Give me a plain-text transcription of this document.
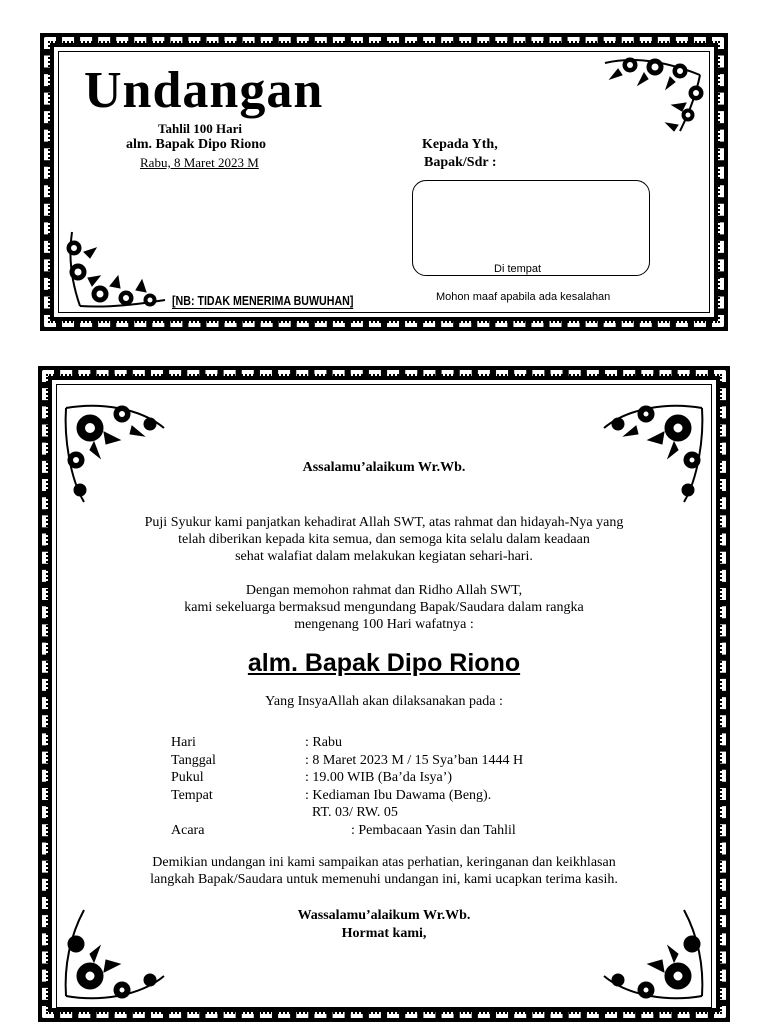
Undangan
Tahlil 100 Hari
alm. Bapak Dipo Riono
Rabu, 8 Maret 2023 M
Kepada Yth,
Bapak/Sdr :
Di tempat
[NB: TIDAK MENERIMA BUWUHAN]	Mohon maaf apabila ada kesalahan
Assalamu’alaikum Wr.Wb.
Puji Syukur kami panjatkan kehadirat Allah SWT, atas rahmat dan hidayah-Nya yang
telah diberikan kepada kita semua, dan semoga kita selalu dalam keadaan
sehat walafiat dalam melakukan kegiatan sehari-hari.
Dengan memohon rahmat dan Ridho Allah SWT,
kami sekeluarga bermaksud mengundang Bapak/Saudara dalam rangka
mengenang 100 Hari wafatnya :
alm. Bapak Dipo Riono
Yang InsyaAllah akan dilaksanakan pada :
Hari
Tanggal
Pukul
Tempat
Acara
: Rabu
: 8 Maret 2023 M / 15 Sya’ban 1444 H
: 19.00 WIB (Ba’da Isya’)
: Kediaman Ibu Dawama (Beng).
RT. 03/ RW. 05
: Pembacaan Yasin dan Tahlil
Demikian undangan ini kami sampaikan atas perhatian, keringanan dan keikhlasan
langkah Bapak/Saudara untuk memenuhi undangan ini, kami ucapkan terima kasih.
Wassalamu’alaikum Wr.Wb.
Hormat kami,
